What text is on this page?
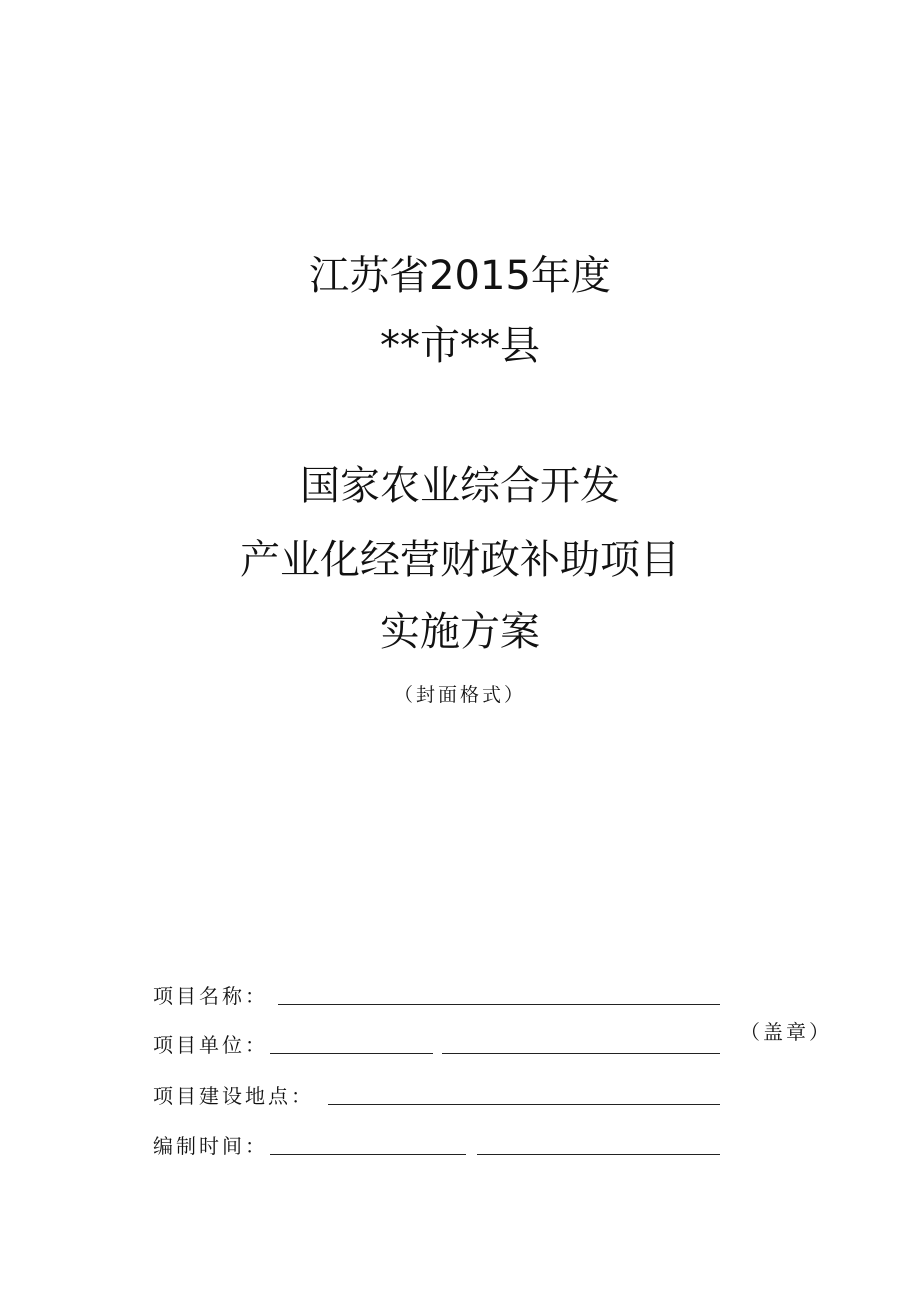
江苏省2015年度
**市**县
国家农业综合开发
产业化经营财政补助项目
实施方案
（封面格式）
项目名称：
项目单位：
（盖章）
项目建设地点：
编制时间：
